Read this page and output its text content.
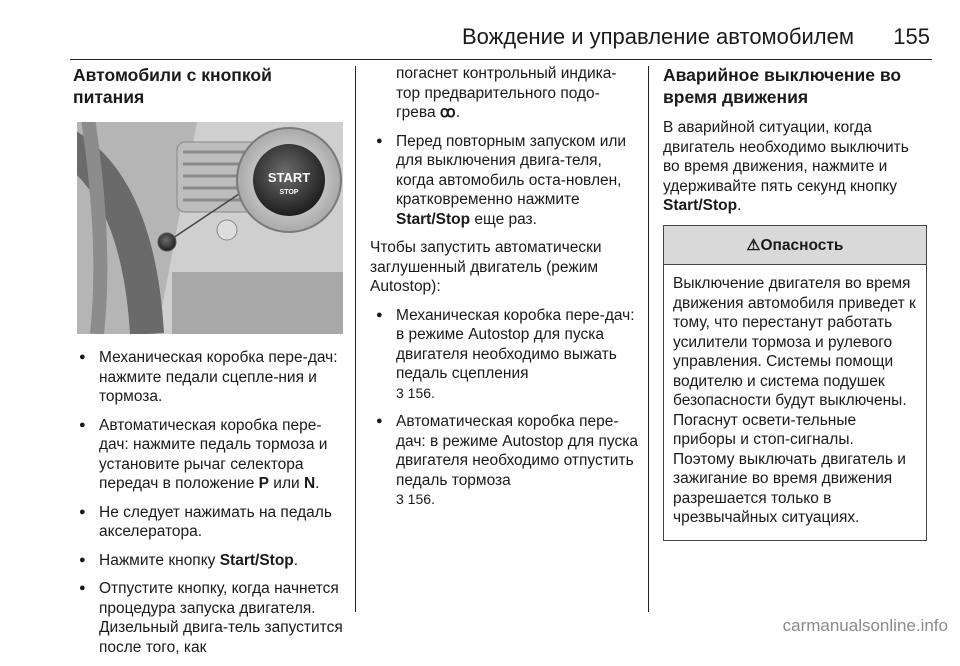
Вождение и управление автомобилем 155
Автомобили с кнопкой питания
START
STOP
● Механическая коробка пере-дач: нажмите педали сцепле-ния и тормоза.
● Автоматическая коробка пере-дач: нажмите педаль тормоза и установите рычаг селектора передач в положение P или N.
● Не следует нажимать на педаль акселератора.
● Нажмите кнопку Start/Stop.
● Отпустите кнопку, когда начнется процедура запуска двигателя. Дизельный двига-тель запустится после того, как
погаснет контрольный индика-тор предварительного подо-грева ꝏ.
● Перед повторным запуском или для выключения двига-теля, когда автомобиль оста-новлен, кратковременно нажмите Start/Stop еще раз.

Чтобы запустить автоматически заглушенный двигатель (режим Autostop):

● Механическая коробка пере-дач: в режиме Autostop для пуска двигателя необходимо выжать педаль сцепления
3 156.
● Автоматическая коробка пере-дач: в режиме Autostop для пуска двигателя необходимо отпустить педаль тормоза
3 156.
Аварийное выключение во время движения

В аварийной ситуации, когда двигатель необходимо выключить во время движения, нажмите и удерживайте пять секунд кнопку Start/Stop.

⚠Опасность
Выключение двигателя во время движения автомобиля приведет к тому, что перестанут работать усилители тормоза и рулевого управления. Системы помощи водителю и система подушек безопасности будут выключены. Погаснут освети-тельные приборы и стоп-сигналы. Поэтому выключать двигатель и зажигание во время движения разрешается только в чрезвычайных ситуациях.
carmanualsonline.info
